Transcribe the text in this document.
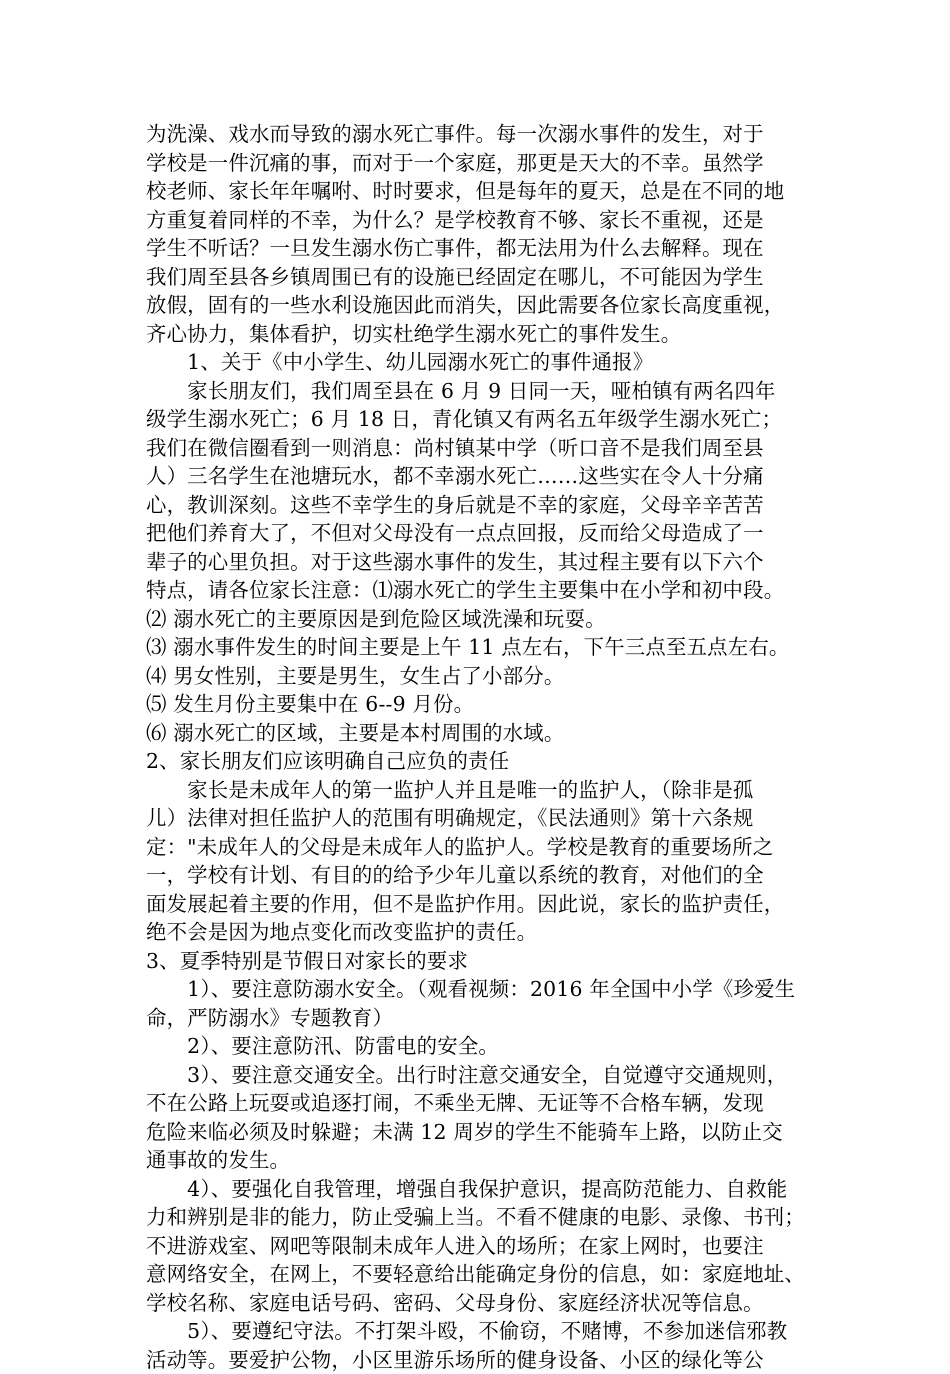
为洗澡、戏水而导致的溺水死亡事件。每一次溺水事件的发生，对于
学校是一件沉痛的事，而对于一个家庭，那更是天大的不幸。虽然学
校老师、家长年年嘱咐、时时要求，但是每年的夏天，总是在不同的地
方重复着同样的不幸，为什么？是学校教育不够、家长不重视，还是
学生不听话？一旦发生溺水伤亡事件，都无法用为什么去解释。现在
我们周至县各乡镇周围已有的设施已经固定在哪儿，不可能因为学生
放假，固有的一些水利设施因此而消失，因此需要各位家长高度重视，
齐心协力，集体看护，切实杜绝学生溺水死亡的事件发生。
　　1、关于《中小学生、幼儿园溺水死亡的事件通报》
　　家长朋友们，我们周至县在 6 月 9 日同一天，哑柏镇有两名四年
级学生溺水死亡；6 月 18 日，青化镇又有两名五年级学生溺水死亡；
我们在微信圈看到一则消息：尚村镇某中学（听口音不是我们周至县
人）三名学生在池塘玩水，都不幸溺水死亡……这些实在令人十分痛
心，教训深刻。这些不幸学生的身后就是不幸的家庭，父母辛辛苦苦
把他们养育大了，不但对父母没有一点点回报，反而给父母造成了一
辈子的心里负担。对于这些溺水事件的发生，其过程主要有以下六个
特点，请各位家长注意：⑴溺水死亡的学生主要集中在小学和初中段。
⑵ 溺水死亡的主要原因是到危险区域洗澡和玩耍。
⑶ 溺水事件发生的时间主要是上午 11 点左右，下午三点至五点左右。
⑷ 男女性别，主要是男生，女生占了小部分。
⑸ 发生月份主要集中在 6--9 月份。
⑹ 溺水死亡的区域，主要是本村周围的水域。
2、家长朋友们应该明确自己应负的责任
　　家长是未成年人的第一监护人并且是唯一的监护人，（除非是孤
儿）法律对担任监护人的范围有明确规定，《民法通则》第十六条规
定："未成年人的父母是未成年人的监护人。学校是教育的重要场所之
一，学校有计划、有目的的给予少年儿童以系统的教育，对他们的全
面发展起着主要的作用，但不是监护作用。因此说，家长的监护责任，
绝不会是因为地点变化而改变监护的责任。
3、夏季特别是节假日对家长的要求
　　1）、要注意防溺水安全。（观看视频：2016 年全国中小学《珍爱生
命，严防溺水》专题教育）
　　2）、要注意防汛、防雷电的安全。
　　3）、要注意交通安全。出行时注意交通安全，自觉遵守交通规则，
不在公路上玩耍或追逐打闹，不乘坐无牌、无证等不合格车辆，发现
危险来临必须及时躲避；未满 12 周岁的学生不能骑车上路，以防止交
通事故的发生。
　　4）、要强化自我管理，增强自我保护意识，提高防范能力、自救能
力和辨别是非的能力，防止受骗上当。不看不健康的电影、录像、书刊；
不进游戏室、网吧等限制未成年人进入的场所；在家上网时，也要注
意网络安全，在网上，不要轻意给出能确定身份的信息，如：家庭地址、
学校名称、家庭电话号码、密码、父母身份、家庭经济状况等信息。
　　5）、要遵纪守法。不打架斗殴，不偷窃，不赌博，不参加迷信邪教
活动等。要爱护公物，小区里游乐场所的健身设备、小区的绿化等公
